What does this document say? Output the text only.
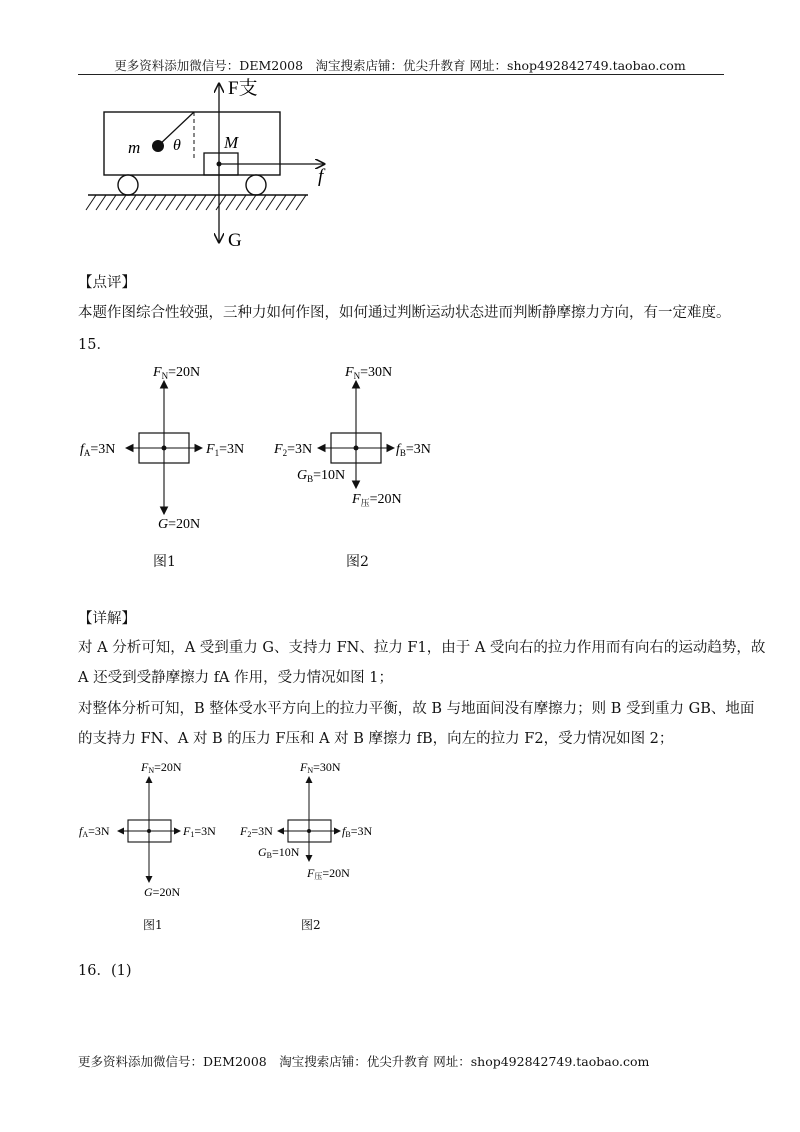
更多资料添加微信号：DEM2008　淘宝搜索店铺：优尖升教育 网址：shop492842749.taobao.com
F支
G
m θ	M
f
【点评】
本题作图综合性较强，三种力如何作图，如何通过判断运动状态进而判断静摩擦力方向，有一定难度。
15．
$F_N=20N$
$f_A=3N$	$F_1=3N$
G=20N
$F_N=30N$
$F_2=3N$	$f_B=3N$
$G_B=10N$
$F_压=20N$
图1	图2
【详解】
对 A 分析可知，A 受到重力 G、支持力 FN、拉力 F1，由于 A 受向右的拉力作用而有向右的运动趋势，故
A 还受到受静摩擦力 fA 作用，受力情况如图 1；
对整体分析可知，B 整体受水平方向上的拉力平衡，故 B 与地面间没有摩擦力；则 B 受到重力 GB、地面
的支持力 FN、A 对 B 的压力 F压和 A 对 B 摩擦力 fB，向左的拉力 F2，受力情况如图 2；
FN=20N
fA=3N	F1=3N
G=20N
FN=30N
F2=3N	fB=3N
GB=10N
F压=20N
图1	图2
16．(1)
更多资料添加微信号：DEM2008　淘宝搜索店铺：优尖升教育 网址：shop492842749.taobao.com
